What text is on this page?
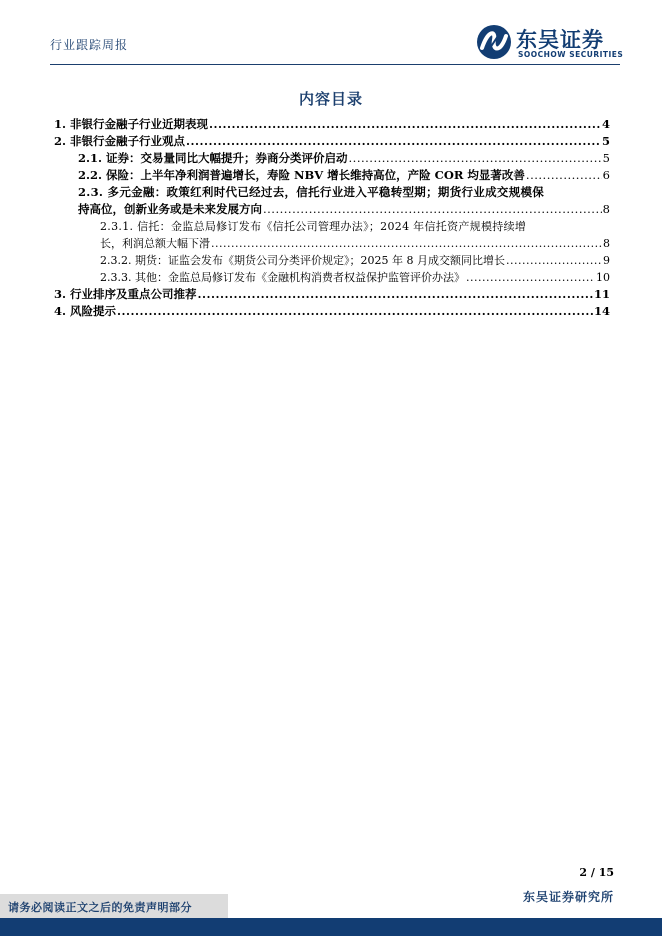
行业跟踪周报	东吴证券
SOOCHOW SECURITIES
内容目录
1. 非银行金融子行业近期表现 .....	4
2. 非银行金融子行业观点 .....	5
2.1. 证券：交易量同比大幅提升；券商分类评价启动 .....	5
2.2. 保险：上半年净利润普遍增长，寿险 NBV 增长维持高位，产险 COR 均显著改善 .....	6
2.3. 多元金融：政策红利时代已经过去，信托行业进入平稳转型期；期货行业成交规模保
持高位，创新业务或是未来发展方向 .....	8
2.3.1. 信托：金监总局修订发布《信托公司管理办法》；2024 年信托资产规模持续增
长，利润总额大幅下滑 .....	8
2.3.2. 期货：证监会发布《期货公司分类评价规定》；2025 年 8 月成交额同比增长 .....	9
2.3.3. 其他：金监总局修订发布《金融机构消费者权益保护监管评价办法》 .....	10
3. 行业排序及重点公司推荐 .....	11
4. 风险提示 .....	14
2 / 15
请务必阅读正文之后的免责声明部分
东吴证券研究所
